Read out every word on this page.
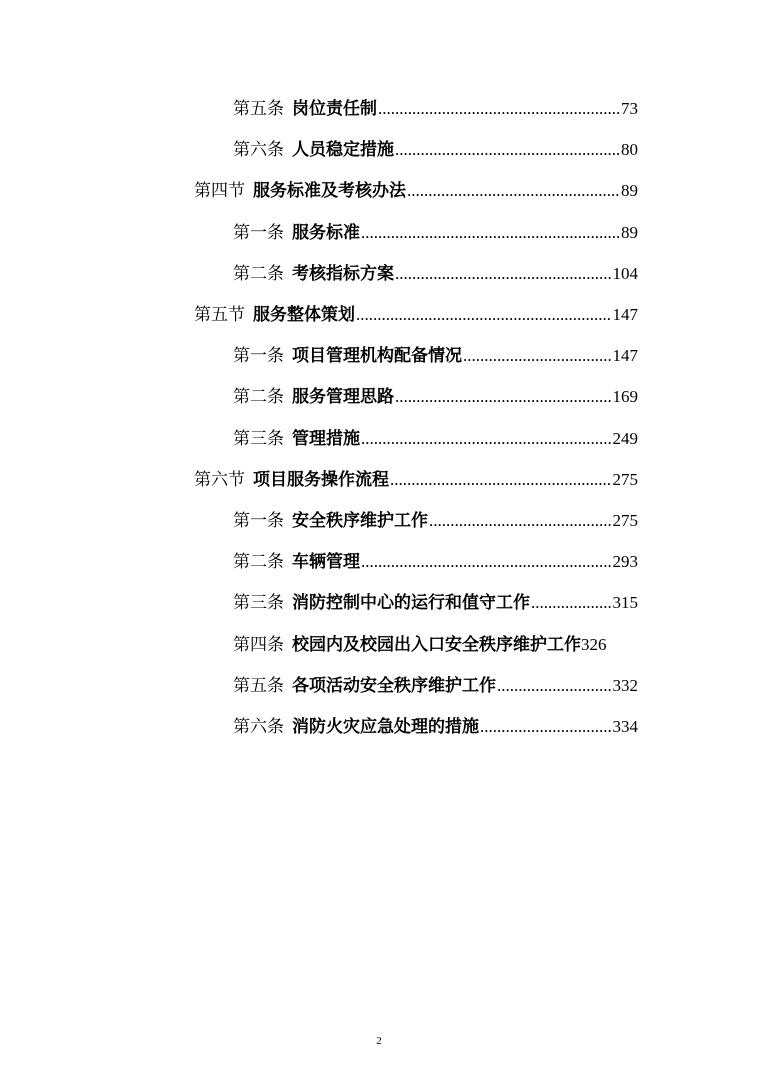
第五条 岗位责任制 .....	73
第六条 人员稳定措施 .....	80
第四节 服务标准及考核办法 .....	89
第一条 服务标准 .....	89
第二条 考核指标方案 .....	104
第五节 服务整体策划 .....	147
第一条 项目管理机构配备情况 .....	147
第二条 服务管理思路 .....	169
第三条 管理措施 .....	249
第六节 项目服务操作流程 .....	275
第一条 安全秩序维护工作 .....	275
第二条 车辆管理 .....	293
第三条 消防控制中心的运行和值守工作 .....	315
第四条 校园内及校园出入口安全秩序维护工作 326
第五条 各项活动安全秩序维护工作 .....	332
第六条 消防火灾应急处理的措施 .....	334
2
